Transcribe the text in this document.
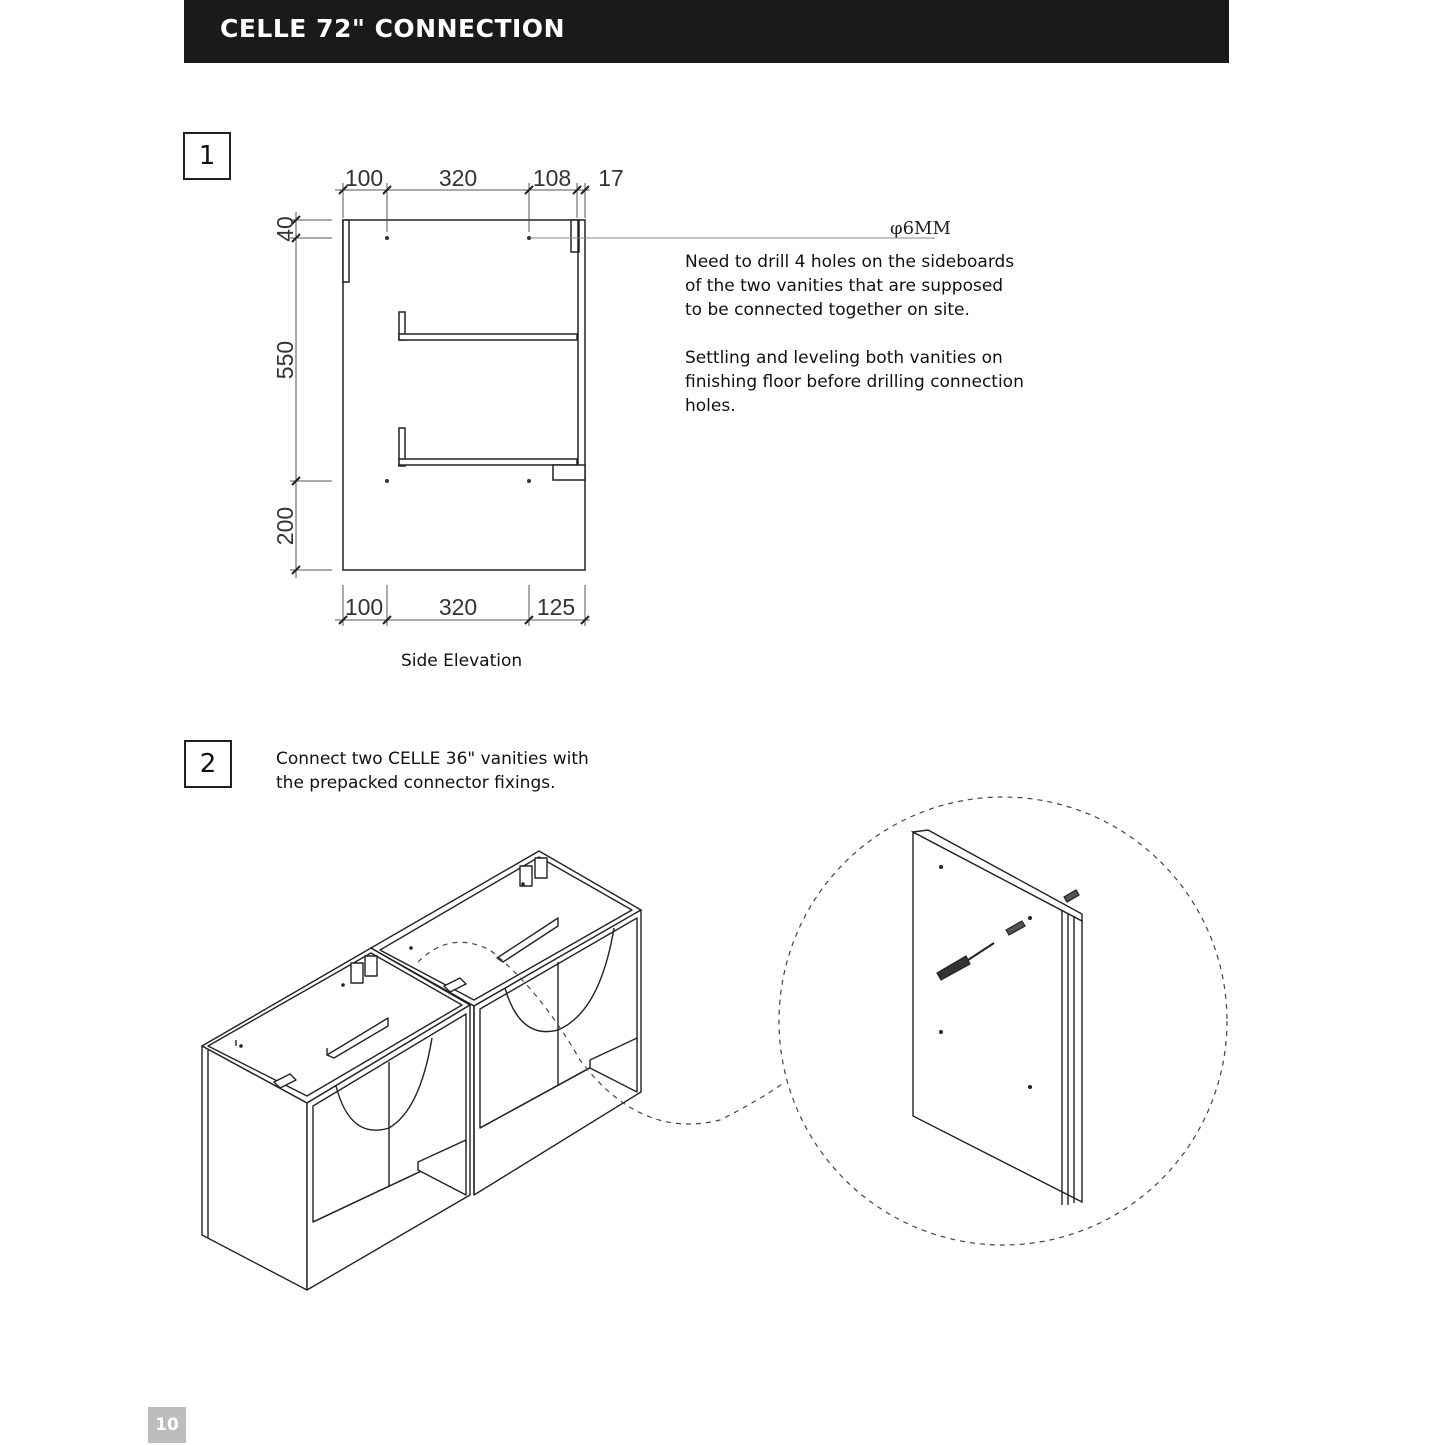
CELLE 72" CONNECTION
1
100 320 108 17
100 320	125
40
550
200
φ6MM

Need to drill 4 holes on the sideboards of the two vanities that are supposed to be connected together on site.

Settling and leveling both vanities on finishing floor before drilling connection holes.

Side Elevation
2	Connect two CELLE 36" vanities with the prepacked connector fixings.
10
